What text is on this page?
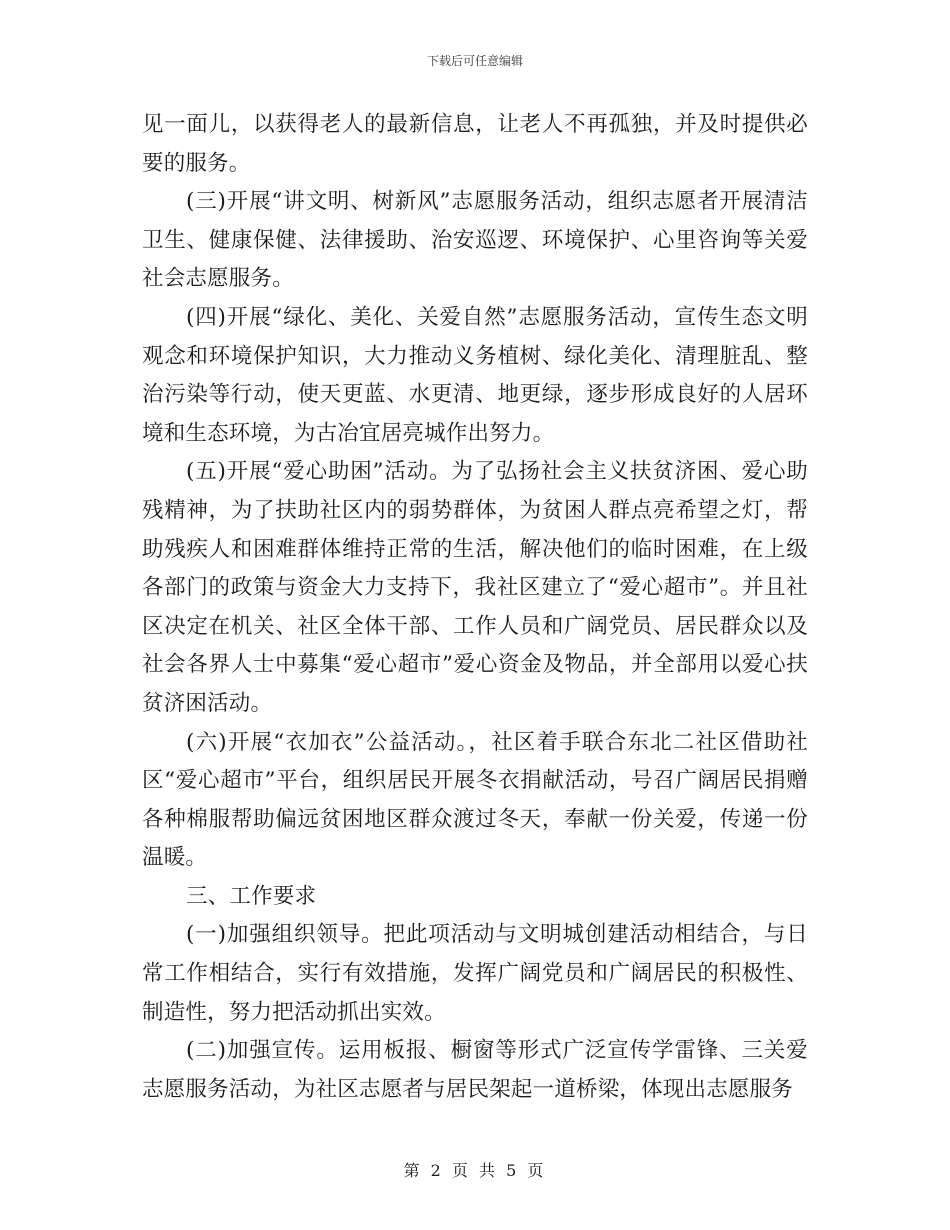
下载后可任意编辑

见一面儿，以获得老人的最新信息，让老人不再孤独，并及时提供必要的服务。

(三)开展“讲文明、树新风”志愿服务活动，组织志愿者开展清洁卫生、健康保健、法律援助、治安巡逻、环境保护、心里咨询等关爱社会志愿服务。

(四)开展“绿化、美化、关爱自然”志愿服务活动，宣传生态文明观念和环境保护知识，大力推动义务植树、绿化美化、清理脏乱、整治污染等行动，使天更蓝、水更清、地更绿，逐步形成良好的人居环境和生态环境，为古冶宜居亮城作出努力。

(五)开展“爱心助困”活动。为了弘扬社会主义扶贫济困、爱心助残精神，为了扶助社区内的弱势群体，为贫困人群点亮希望之灯，帮助残疾人和困难群体维持正常的生活，解决他们的临时困难，在上级各部门的政策与资金大力支持下，我社区建立了“爱心超市”。并且社区决定在机关、社区全体干部、工作人员和广阔党员、居民群众以及社会各界人士中募集“爱心超市”爱心资金及物品，并全部用以爱心扶贫济困活动。

(六)开展“衣加衣”公益活动。，社区着手联合东北二社区借助社区“爱心超市”平台，组织居民开展冬衣捐献活动，号召广阔居民捐赠各种棉服帮助偏远贫困地区群众渡过冬天，奉献一份关爱，传递一份温暖。

三、工作要求

(一)加强组织领导。把此项活动与文明城创建活动相结合，与日常工作相结合，实行有效措施，发挥广阔党员和广阔居民的积极性、制造性，努力把活动抓出实效。

(二)加强宣传。运用板报、橱窗等形式广泛宣传学雷锋、三关爱志愿服务活动，为社区志愿者与居民架起一道桥梁，体现出志愿服务

第 2 页 共 5 页
